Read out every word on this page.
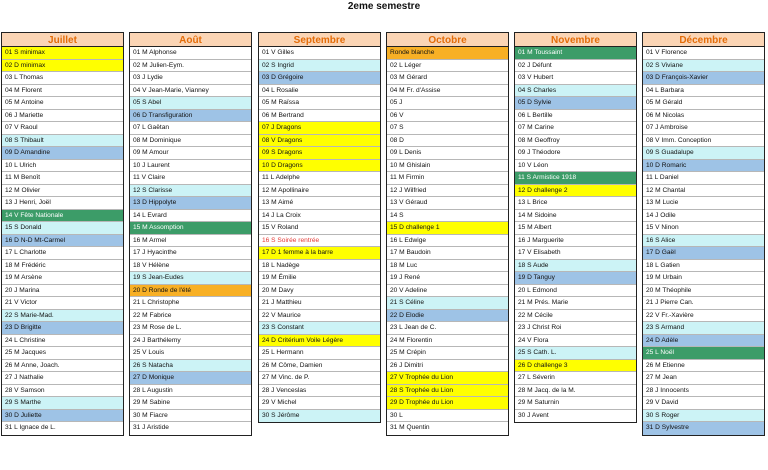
2eme semestre
Juillet
01 S minimax
02 D minimax
03 L Thomas
04 M Florent
05 M Antoine
06 J Mariette
07 V Raoul
08 S Thibault
09 D Amandine
10 L Ulrich
11 M Benoît
12 M Olivier
13 J Henri, Joël
14 V Fête Nationale
15 S Donald
16 D N-D Mt-Carmel
17 L Charlotte
18 M Frédéric
19 M Arsène
20 J Marina
21 V Victor
22 S Marie-Mad.
23 D Brigitte
24 L Christine
25 M Jacques
26 M Anne, Joach.
27 J Nathalie
28 V Samson
29 S Marthe
30 D Juliette
31 L Ignace de L.
Août
01 M Alphonse
02 M Julien-Eym.
03 J Lydie
04 V Jean-Marie, Vianney
05 S Abel
06 D Transfiguration
07 L Gaëtan
08 M Dominique
09 M Amour
10 J Laurent
11 V Claire
12 S Clarisse
13 D Hippolyte
14 L Evrard
15 M Assomption
16 M Armel
17 J Hyacinthe
18 V Hélène
19 S Jean-Eudes
20 D Ronde de l'été
21 L Christophe
22 M Fabrice
23 M Rose de L.
24 J Barthélemy
25 V Louis
26 S Natacha
27 D Monique
28 L Augustin
29 M Sabine
30 M Fiacre
31 J Aristide
Septembre
01 V Gilles
02 S Ingrid
03 D Grégoire
04 L Rosalie
05 M Raïssa
06 M Bertrand
07 J Dragons
08 V Dragons
09 S Dragons
10 D Dragons
11 L Adelphe
12 M Apollinaire
13 M Aimé
14 J La Croix
15 V Roland
16 S Soirée rentrée
17 D 1 femme à la barre
18 L Nadège
19 M Émilie
20 M Davy
21 J Matthieu
22 V Maurice
23 S Constant
24 D Critérium Voile Légère
25 L Hermann
26 M Côme, Damien
27 M Vinc. de P.
28 J Venceslas
29 V Michel
30 S Jérôme
Octobre
Ronde blanche
02 L Léger
03 M Gérard
04 M Fr. d'Assise
05 J
06 V
07 S
08 D
09 L Denis
10 M Ghislain
11 M Firmin
12 J Wilfried
13 V Géraud
14 S
15 D challenge 1
16 L Edwige
17 M Baudoin
18 M Luc
19 J René
20 V Adeline
21 S Céline
22 D Elodie
23 L Jean de C.
24 M Florentin
25 M Crépin
26 J Dimitri
27 V Trophée du Lion
28 S Trophée du Lion
29 D Trophée du Lion
30 L
31 M Quentin
Novembre
01 M Toussaint
02 J Défunt
03 V Hubert
04 S Charles
05 D Sylvie
06 L Bertille
07 M Carine
08 M Geoffroy
09 J Théodore
10 V Léon
11 S Armistice 1918
12 D challenge 2
13 L Brice
14 M Sidoine
15 M Albert
16 J Marguerite
17 V Elisabeth
18 S Aude
19 D Tanguy
20 L Edmond
21 M Prés. Marie
22 M Cécile
23 J Christ Roi
24 V Flora
25 S Cath. L.
26 D challenge 3
27 L Séverin
28 M Jacq. de la M.
29 M Saturnin
30 J Avent
Décembre
01 V Florence
02 S Viviane
03 D François-Xavier
04 L Barbara
05 M Gérald
06 M Nicolas
07 J Ambroise
08 V Imm. Conception
09 S Guadalupe
10 D Romaric
11 L Daniel
12 M Chantal
13 M Lucie
14 J Odile
15 V Ninon
16 S Alice
17 D Gaël
18 L Gatien
19 M Urbain
20 M Théophile
21 J Pierre Can.
22 V Fr.-Xavière
23 S Armand
24 D Adèle
25 L Noël
26 M Etienne
27 M Jean
28 J Innocents
29 V David
30 S Roger
31 D Sylvestre
